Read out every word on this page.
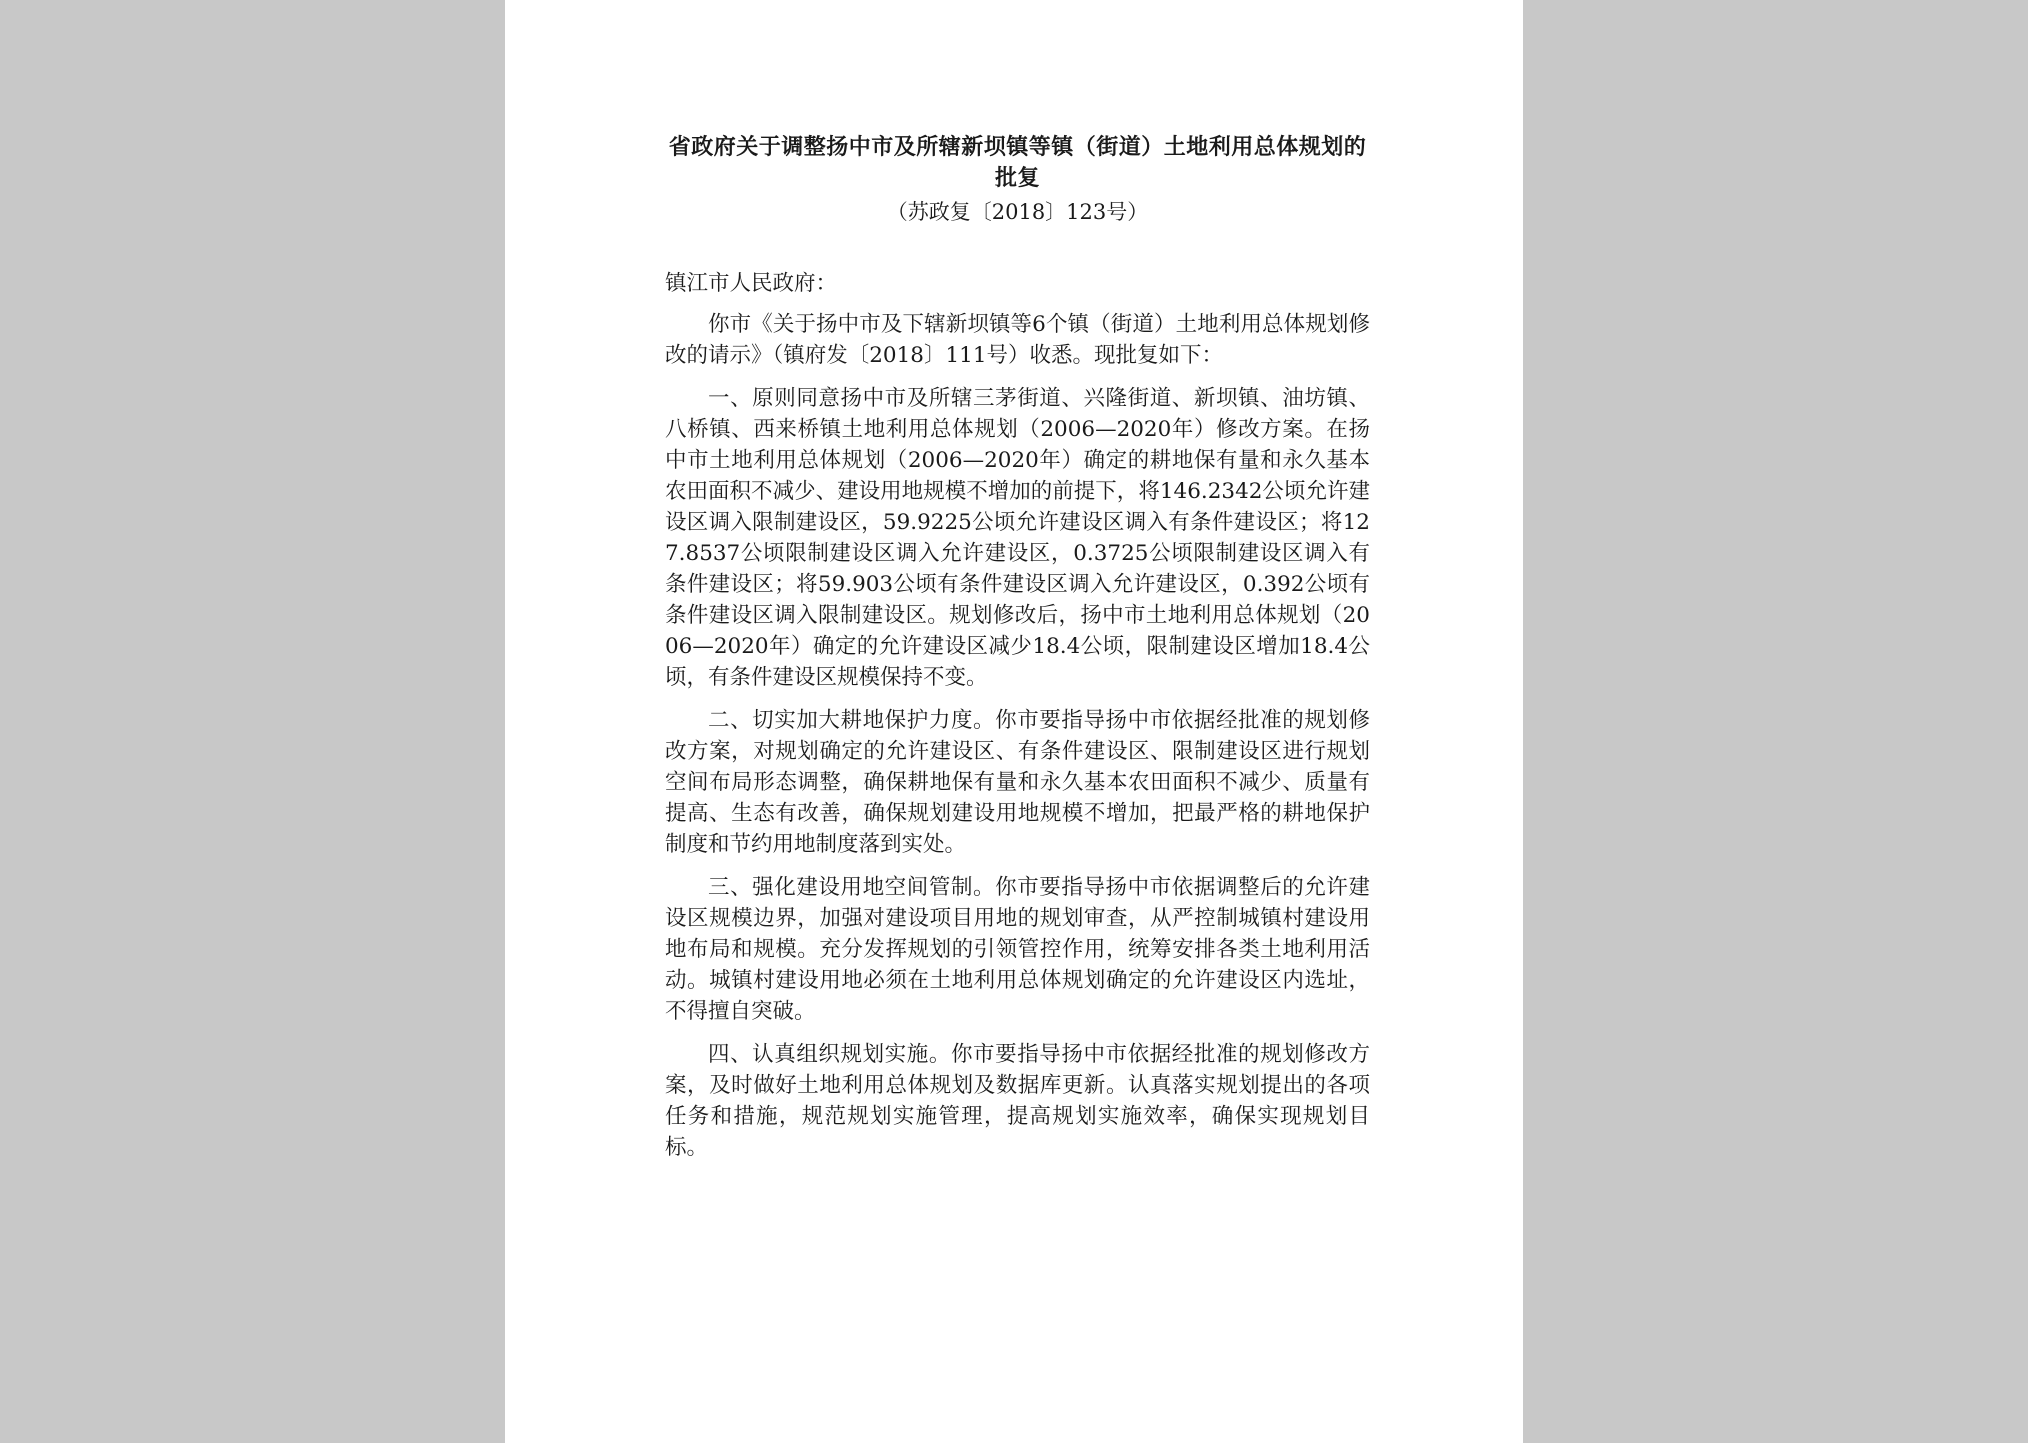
省政府关于调整扬中市及所辖新坝镇等镇（街道）土地利用总体规划的批复

（苏政复〔2018〕123号）

镇江市人民政府：

你市《关于扬中市及下辖新坝镇等6个镇（街道）土地利用总体规划修改的请示》（镇府发〔2018〕111号）收悉。现批复如下：

一、原则同意扬中市及所辖三茅街道、兴隆街道、新坝镇、油坊镇、八桥镇、西来桥镇土地利用总体规划（2006—2020年）修改方案。在扬中市土地利用总体规划（2006—2020年）确定的耕地保有量和永久基本农田面积不减少、建设用地规模不增加的前提下，将146.2342公顷允许建设区调入限制建设区，59.9225公顷允许建设区调入有条件建设区；将127.8537公顷限制建设区调入允许建设区，0.3725公顷限制建设区调入有条件建设区；将59.903公顷有条件建设区调入允许建设区，0.392公顷有条件建设区调入限制建设区。规划修改后，扬中市土地利用总体规划（2006—2020年）确定的允许建设区减少18.4公顷，限制建设区增加18.4公顷，有条件建设区规模保持不变。

二、切实加大耕地保护力度。你市要指导扬中市依据经批准的规划修改方案，对规划确定的允许建设区、有条件建设区、限制建设区进行规划空间布局形态调整，确保耕地保有量和永久基本农田面积不减少、质量有提高、生态有改善，确保规划建设用地规模不增加，把最严格的耕地保护制度和节约用地制度落到实处。

三、强化建设用地空间管制。你市要指导扬中市依据调整后的允许建设区规模边界，加强对建设项目用地的规划审查，从严控制城镇村建设用地布局和规模。充分发挥规划的引领管控作用，统筹安排各类土地利用活动。城镇村建设用地必须在土地利用总体规划确定的允许建设区内选址，不得擅自突破。

四、认真组织规划实施。你市要指导扬中市依据经批准的规划修改方案，及时做好土地利用总体规划及数据库更新。认真落实规划提出的各项任务和措施，规范规划实施管理，提高规划实施效率，确保实现规划目标。
